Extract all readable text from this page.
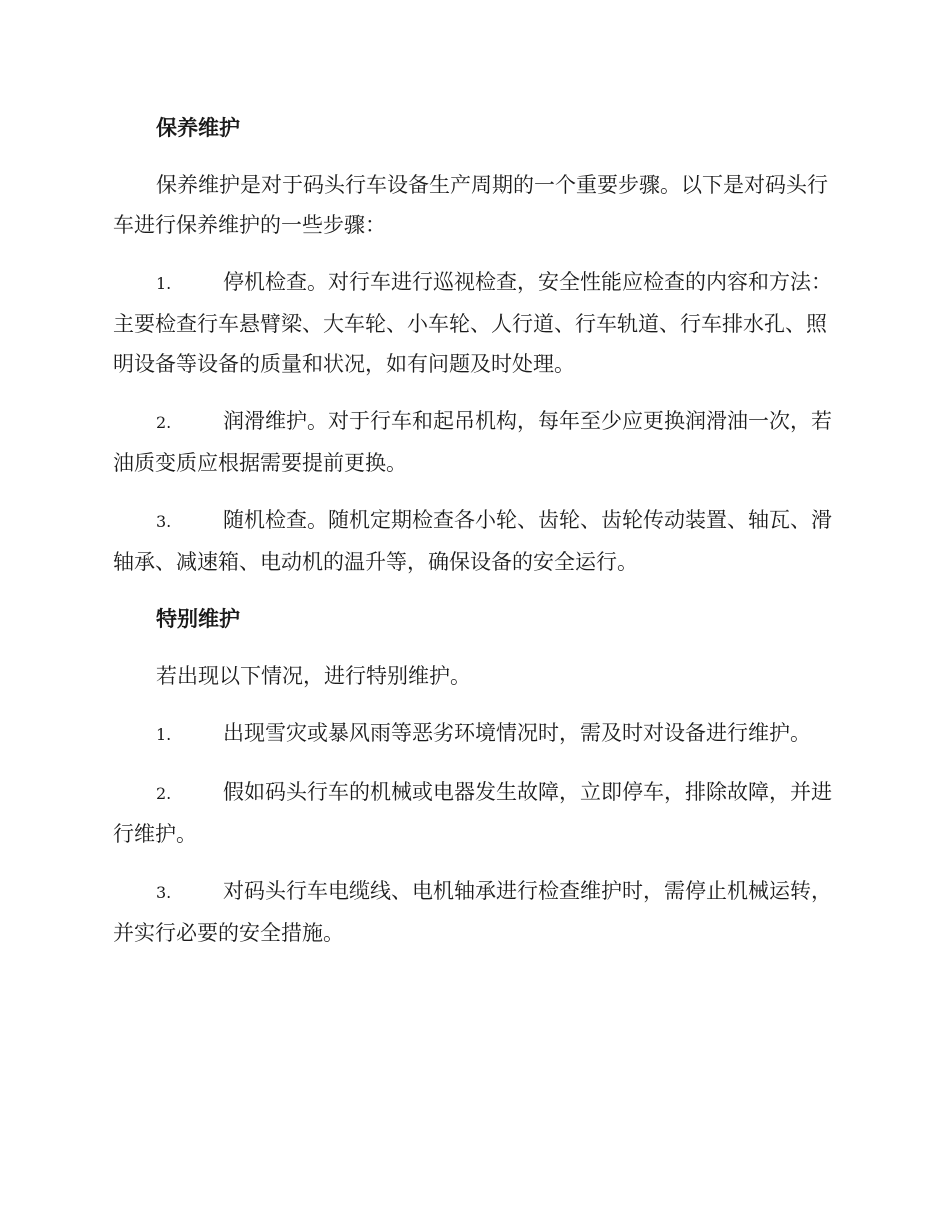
保养维护
保养维护是对于码头行车设备生产周期的一个重要步骤。以下是对码头行车进行保养维护的一些步骤：
1. 停机检查。对行车进行巡视检查，安全性能应检查的内容和方法：主要检查行车悬臂梁、大车轮、小车轮、人行道、行车轨道、行车排水孔、照明设备等设备的质量和状况，如有问题及时处理。
2. 润滑维护。对于行车和起吊机构，每年至少应更换润滑油一次，若油质变质应根据需要提前更换。
3. 随机检查。随机定期检查各小轮、齿轮、齿轮传动装置、轴瓦、滑轴承、减速箱、电动机的温升等，确保设备的安全运行。
特别维护
若出现以下情况，进行特别维护。
1. 出现雪灾或暴风雨等恶劣环境情况时，需及时对设备进行维护。
2. 假如码头行车的机械或电器发生故障，立即停车，排除故障，并进行维护。
3. 对码头行车电缆线、电机轴承进行检查维护时，需停止机械运转，并实行必要的安全措施。
